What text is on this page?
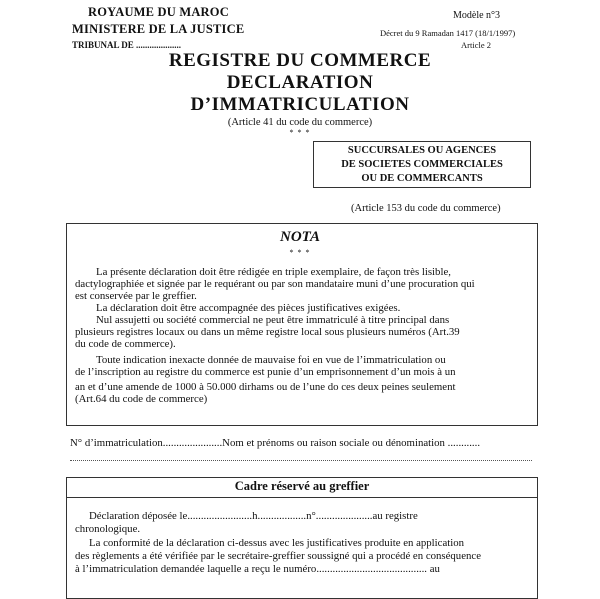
ROYAUME DU MAROC
MINISTERE DE LA JUSTICE
TRIBUNAL DE ....................
Modèle n°3
Décret du 9 Ramadan 1417 (18/1/1997)
Article 2
REGISTRE DU COMMERCE
DECLARATION
D’IMMATRICULATION
(Article 41 du code du commerce)
* * *
SUCCURSALES OU AGENCES
DE SOCIETES COMMERCIALES
OU DE COMMERCANTS
(Article 153 du code du commerce)
NOTA
* * *
La présente déclaration doit être rédigée en triple exemplaire, de façon très lisible,
dactylographiée et signée par le requérant ou par son mandataire muni d’une procuration qui
est conservée par le greffier.
La déclaration doit être accompagnée des pièces justificatives exigées.
Nul assujetti ou société commercial ne peut être immatriculé à titre principal dans
plusieurs registres locaux ou dans un même registre local sous plusieurs numéros (Art.39
du code de commerce).
Toute indication inexacte donnée de mauvaise foi en vue de l’immatriculation ou
de l’inscription au registre du commerce est punie d’un emprisonnement d’un mois à un
an et d’une amende de 1000 à 50.000 dirhams ou de l’une do ces deux peines seulement
(Art.64 du code de commerce)
N° d’immatriculation......................Nom et prénoms ou raison sociale ou dénomination ............
Cadre réservé au greffier
Déclaration déposée le........................h..................n°.....................au registre
chronologique.
La conformité de la déclaration ci-dessus avec les justificatives produite en application
des règlements a été vérifiée par le secrétaire-greffier soussigné qui a procédé en conséquence
à l’immatriculation demandée laquelle a reçu le numéro......................................... au
